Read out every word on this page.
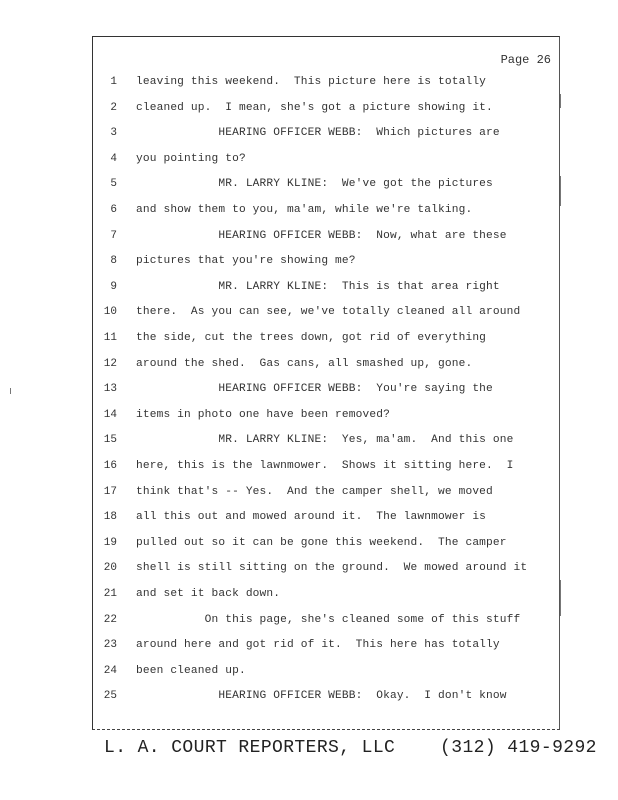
Page 26
1 leaving this weekend.  This picture here is totally
2 cleaned up.  I mean, she's got a picture showing it.
3 HEARING OFFICER WEBB:  Which pictures are
4 you pointing to?
5 MR. LARRY KLINE:  We've got the pictures
6 and show them to you, ma'am, while we're talking.
7 HEARING OFFICER WEBB:  Now, what are these
8 pictures that you're showing me?
9 MR. LARRY KLINE:  This is that area right
10 there.  As you can see, we've totally cleaned all around
11 the side, cut the trees down, got rid of everything
12 around the shed.  Gas cans, all smashed up, gone.
13 HEARING OFFICER WEBB:  You're saying the
14 items in photo one have been removed?
15 MR. LARRY KLINE:  Yes, ma'am.  And this one
16 here, this is the lawnmower.  Shows it sitting here.  I
17 think that's -- Yes.  And the camper shell, we moved
18 all this out and mowed around it.  The lawnmower is
19 pulled out so it can be gone this weekend.  The camper
20 shell is still sitting on the ground.  We mowed around it
21 and set it back down.
22 On this page, she's cleaned some of this stuff
23 around here and got rid of it.  This here has totally
24 been cleaned up.
25 HEARING OFFICER WEBB:  Okay.  I don't know
L. A. COURT REPORTERS, LLC    (312) 419-9292
